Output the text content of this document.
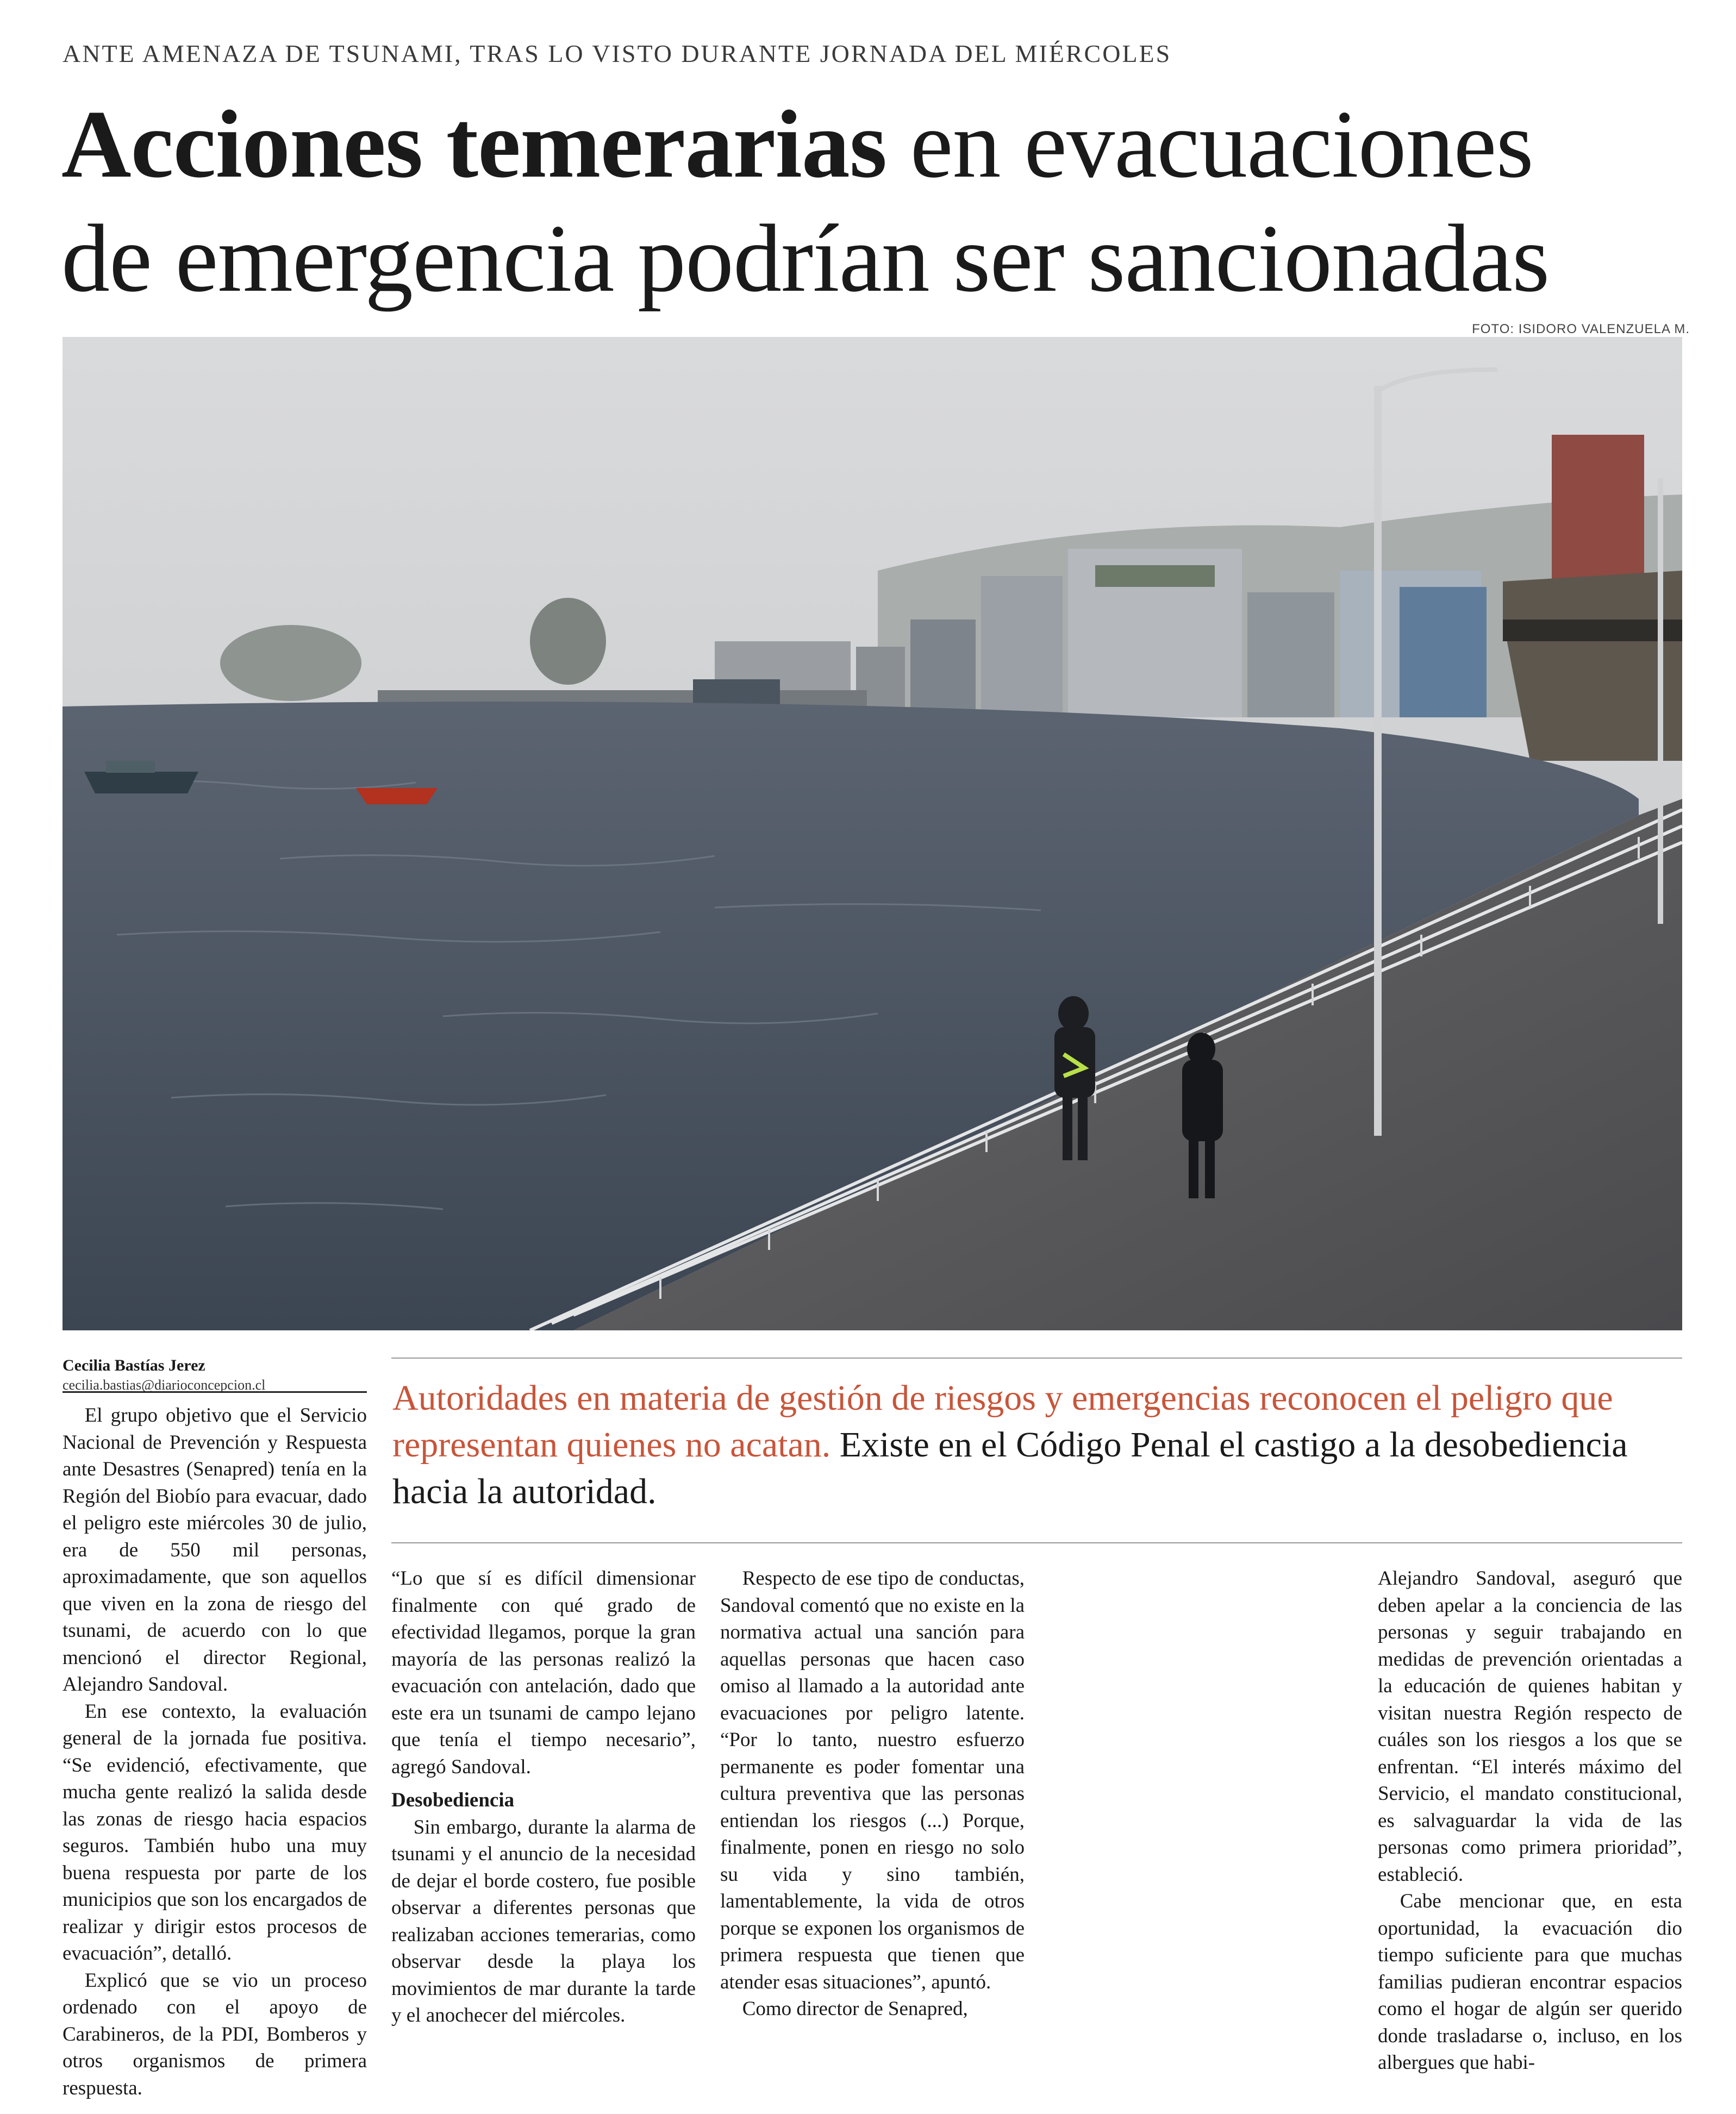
ANTE AMENAZA DE TSUNAMI, TRAS LO VISTO DURANTE JORNADA DEL MIÉRCOLES
Acciones temerarias en evacuaciones
de emergencia podrían ser sancionadas
FOTO: ISIDORO VALENZUELA M.
Cecilia Bastías Jerez
cecilia.bastias@diarioconcepcion.cl	Autoridades en materia de gestión de riesgos y emergencias reconocen el peligro que representan quienes no acatan. Existe en el Código Penal el castigo a la desobediencia hacia la autoridad.

El grupo objetivo que el Servicio Nacional de Prevención y Respuesta ante Desastres (Senapred) tenía en la Región del Biobío para evacuar, dado el peligro este miércoles 30 de julio, era de 550 mil personas, aproximadamente, que son aquellos que viven en la zona de riesgo del tsunami, de acuerdo con lo que mencionó el director Regional, Alejandro Sandoval.

En ese contexto, la evaluación general de la jornada fue positiva. “Se evidenció, efectivamente, que mucha gente realizó la salida desde las zonas de riesgo hacia espacios seguros. También hubo una muy buena respuesta por parte de los municipios que son los encargados de realizar y dirigir estos procesos de evacuación”, detalló.

Explicó que se vio un proceso ordenado con el apoyo de Carabineros, de la PDI, Bomberos y otros organismos de primera respuesta.

“Lo que sí es difícil dimensionar finalmente con qué grado de efectividad llegamos, porque la gran mayoría de las personas realizó la evacuación con antelación, dado que este era un tsunami de campo lejano que tenía el tiempo necesario”, agregó Sandoval.

Desobediencia

Sin embargo, durante la alarma de tsunami y el anuncio de la necesidad de dejar el borde costero, fue posible observar a diferentes personas que realizaban acciones temerarias, como observar desde la playa los movimientos de mar durante la tarde y el anochecer del miércoles.

Respecto de ese tipo de conductas, Sandoval comentó que no existe en la normativa actual una sanción para aquellas personas que hacen caso omiso al llamado a la autoridad ante evacuaciones por peligro latente. “Por lo tanto, nuestro esfuerzo permanente es poder fomentar una cultura preventiva que las personas entiendan los riesgos (...) Porque, finalmente, ponen en riesgo no solo su vida y sino también, lamentablemente, la vida de otros porque se exponen los organismos de primera respuesta que tienen que atender esas situaciones”, apuntó.

Como director de Senapred,

Alejandro Sandoval, aseguró que deben apelar a la conciencia de las personas y seguir trabajando en medidas de prevención orientadas a la educación de quienes habitan y visitan nuestra Región respecto de cuáles son los riesgos a los que se enfrentan. “El interés máximo del Servicio, el mandato constitucional, es salvaguardar la vida de las personas como primera prioridad”, estableció.

Cabe mencionar que, en esta oportunidad, la evacuación dio tiempo suficiente para que muchas familias pudieran encontrar espacios como el hogar de algún ser querido donde trasladarse o, incluso, en los albergues que habi-
